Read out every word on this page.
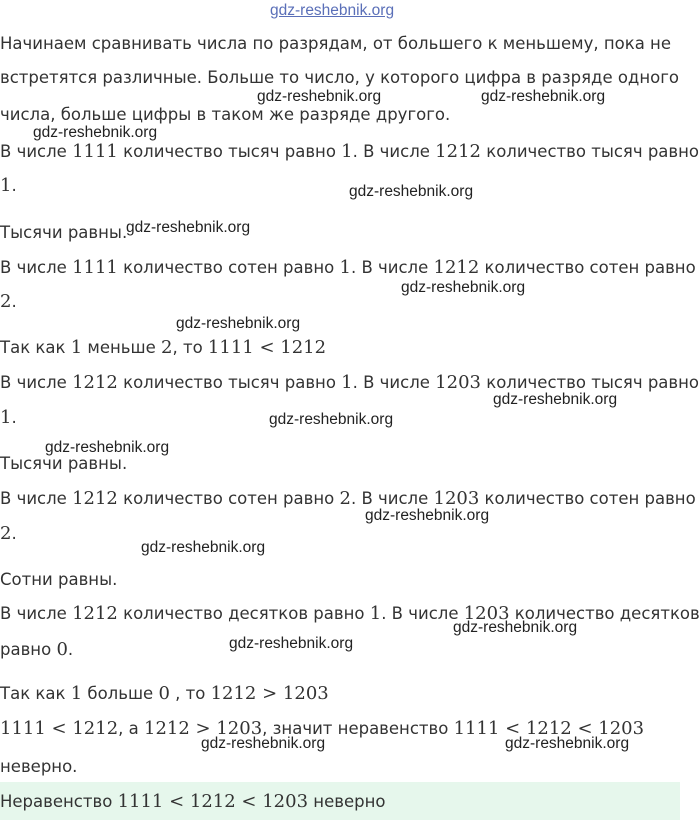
gdz-reshebnik.org
Начинаем сравнивать числа по разрядам, от большего к меньшему, пока не
встретятся различные. Больше то число, у которого цифра в разряде одного
числа, больше цифры в таком же разряде другого.
В числе 1111 количество тысяч равно 1. В числе 1212 количество тысяч равно
1.
Тысячи равны.
В числе 1111 количество сотен равно 1. В числе 1212 количество сотен равно
2.
Так как 1 меньше 2, то 1111 < 1212
В числе 1212 количество тысяч равно 1. В числе 1203 количество тысяч равно
1.
Тысячи равны.
В числе 1212 количество сотен равно 2. В числе 1203 количество сотен равно
2.
Сотни равны.
В числе 1212 количество десятков равно 1. В числе 1203 количество десятков
равно 0.
Так как 1 больше 0 , то 1212 > 1203
1111 < 1212, а 1212 > 1203, значит неравенство 1111 < 1212 < 1203
неверно.
Неравенство 1111 < 1212 < 1203 неверно
gdz-reshebnik.org	gdz-reshebnik.org
gdz-reshebnik.org
gdz-reshebnik.org
gdz-reshebnik.org
gdz-reshebnik.org
gdz-reshebnik.org
gdz-reshebnik.org
gdz-reshebnik.org
gdz-reshebnik.org
gdz-reshebnik.org
gdz-reshebnik.org
gdz-reshebnik.org
gdz-reshebnik.org
gdz-reshebnik.org	gdz-reshebnik.org
